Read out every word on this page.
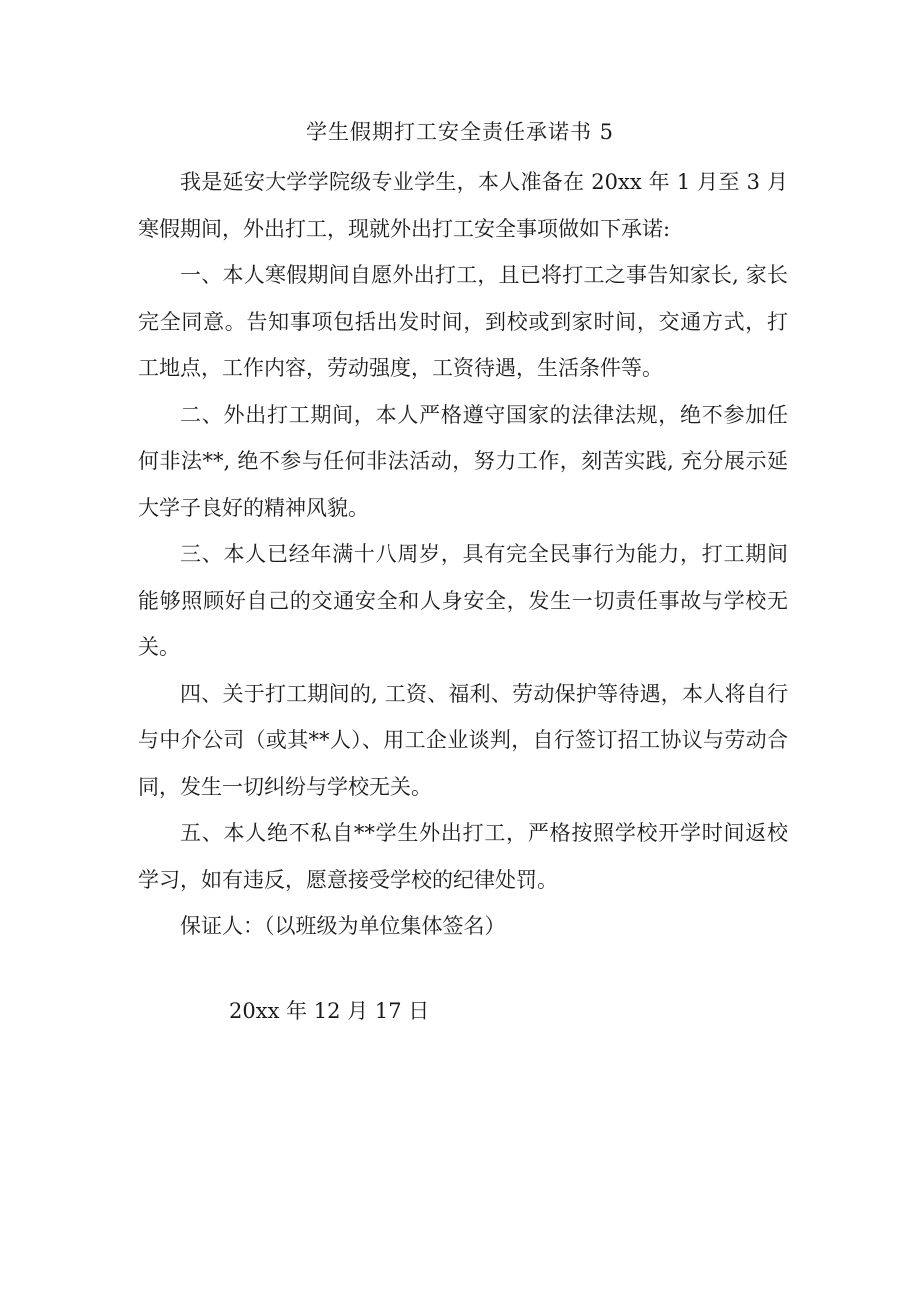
学生假期打工安全责任承诺书 5

我是延安大学学院级专业学生，本人准备在 20xx 年 1 月至 3 月寒假期间，外出打工，现就外出打工安全事项做如下承诺:

一、本人寒假期间自愿外出打工，且已将打工之事告知家长, 家长完全同意。告知事项包括出发时间，到校或到家时间，交通方式，打工地点，工作内容，劳动强度，工资待遇，生活条件等。

二、外出打工期间，本人严格遵守国家的法律法规，绝不参加任何非法**, 绝不参与任何非法活动，努力工作，刻苦实践, 充分展示延大学子良好的精神风貌。

三、本人已经年满十八周岁，具有完全民事行为能力，打工期间能够照顾好自己的交通安全和人身安全，发生一切责任事故与学校无关。

四、关于打工期间的, 工资、福利、劳动保护等待遇，本人将自行与中介公司（或其**人）、用工企业谈判，自行签订招工协议与劳动合同，发生一切纠纷与学校无关。

五、本人绝不私自**学生外出打工，严格按照学校开学时间返校学习，如有违反，愿意接受学校的纪律处罚。

保证人：（以班级为单位集体签名）

20xx 年 12 月 17 日
